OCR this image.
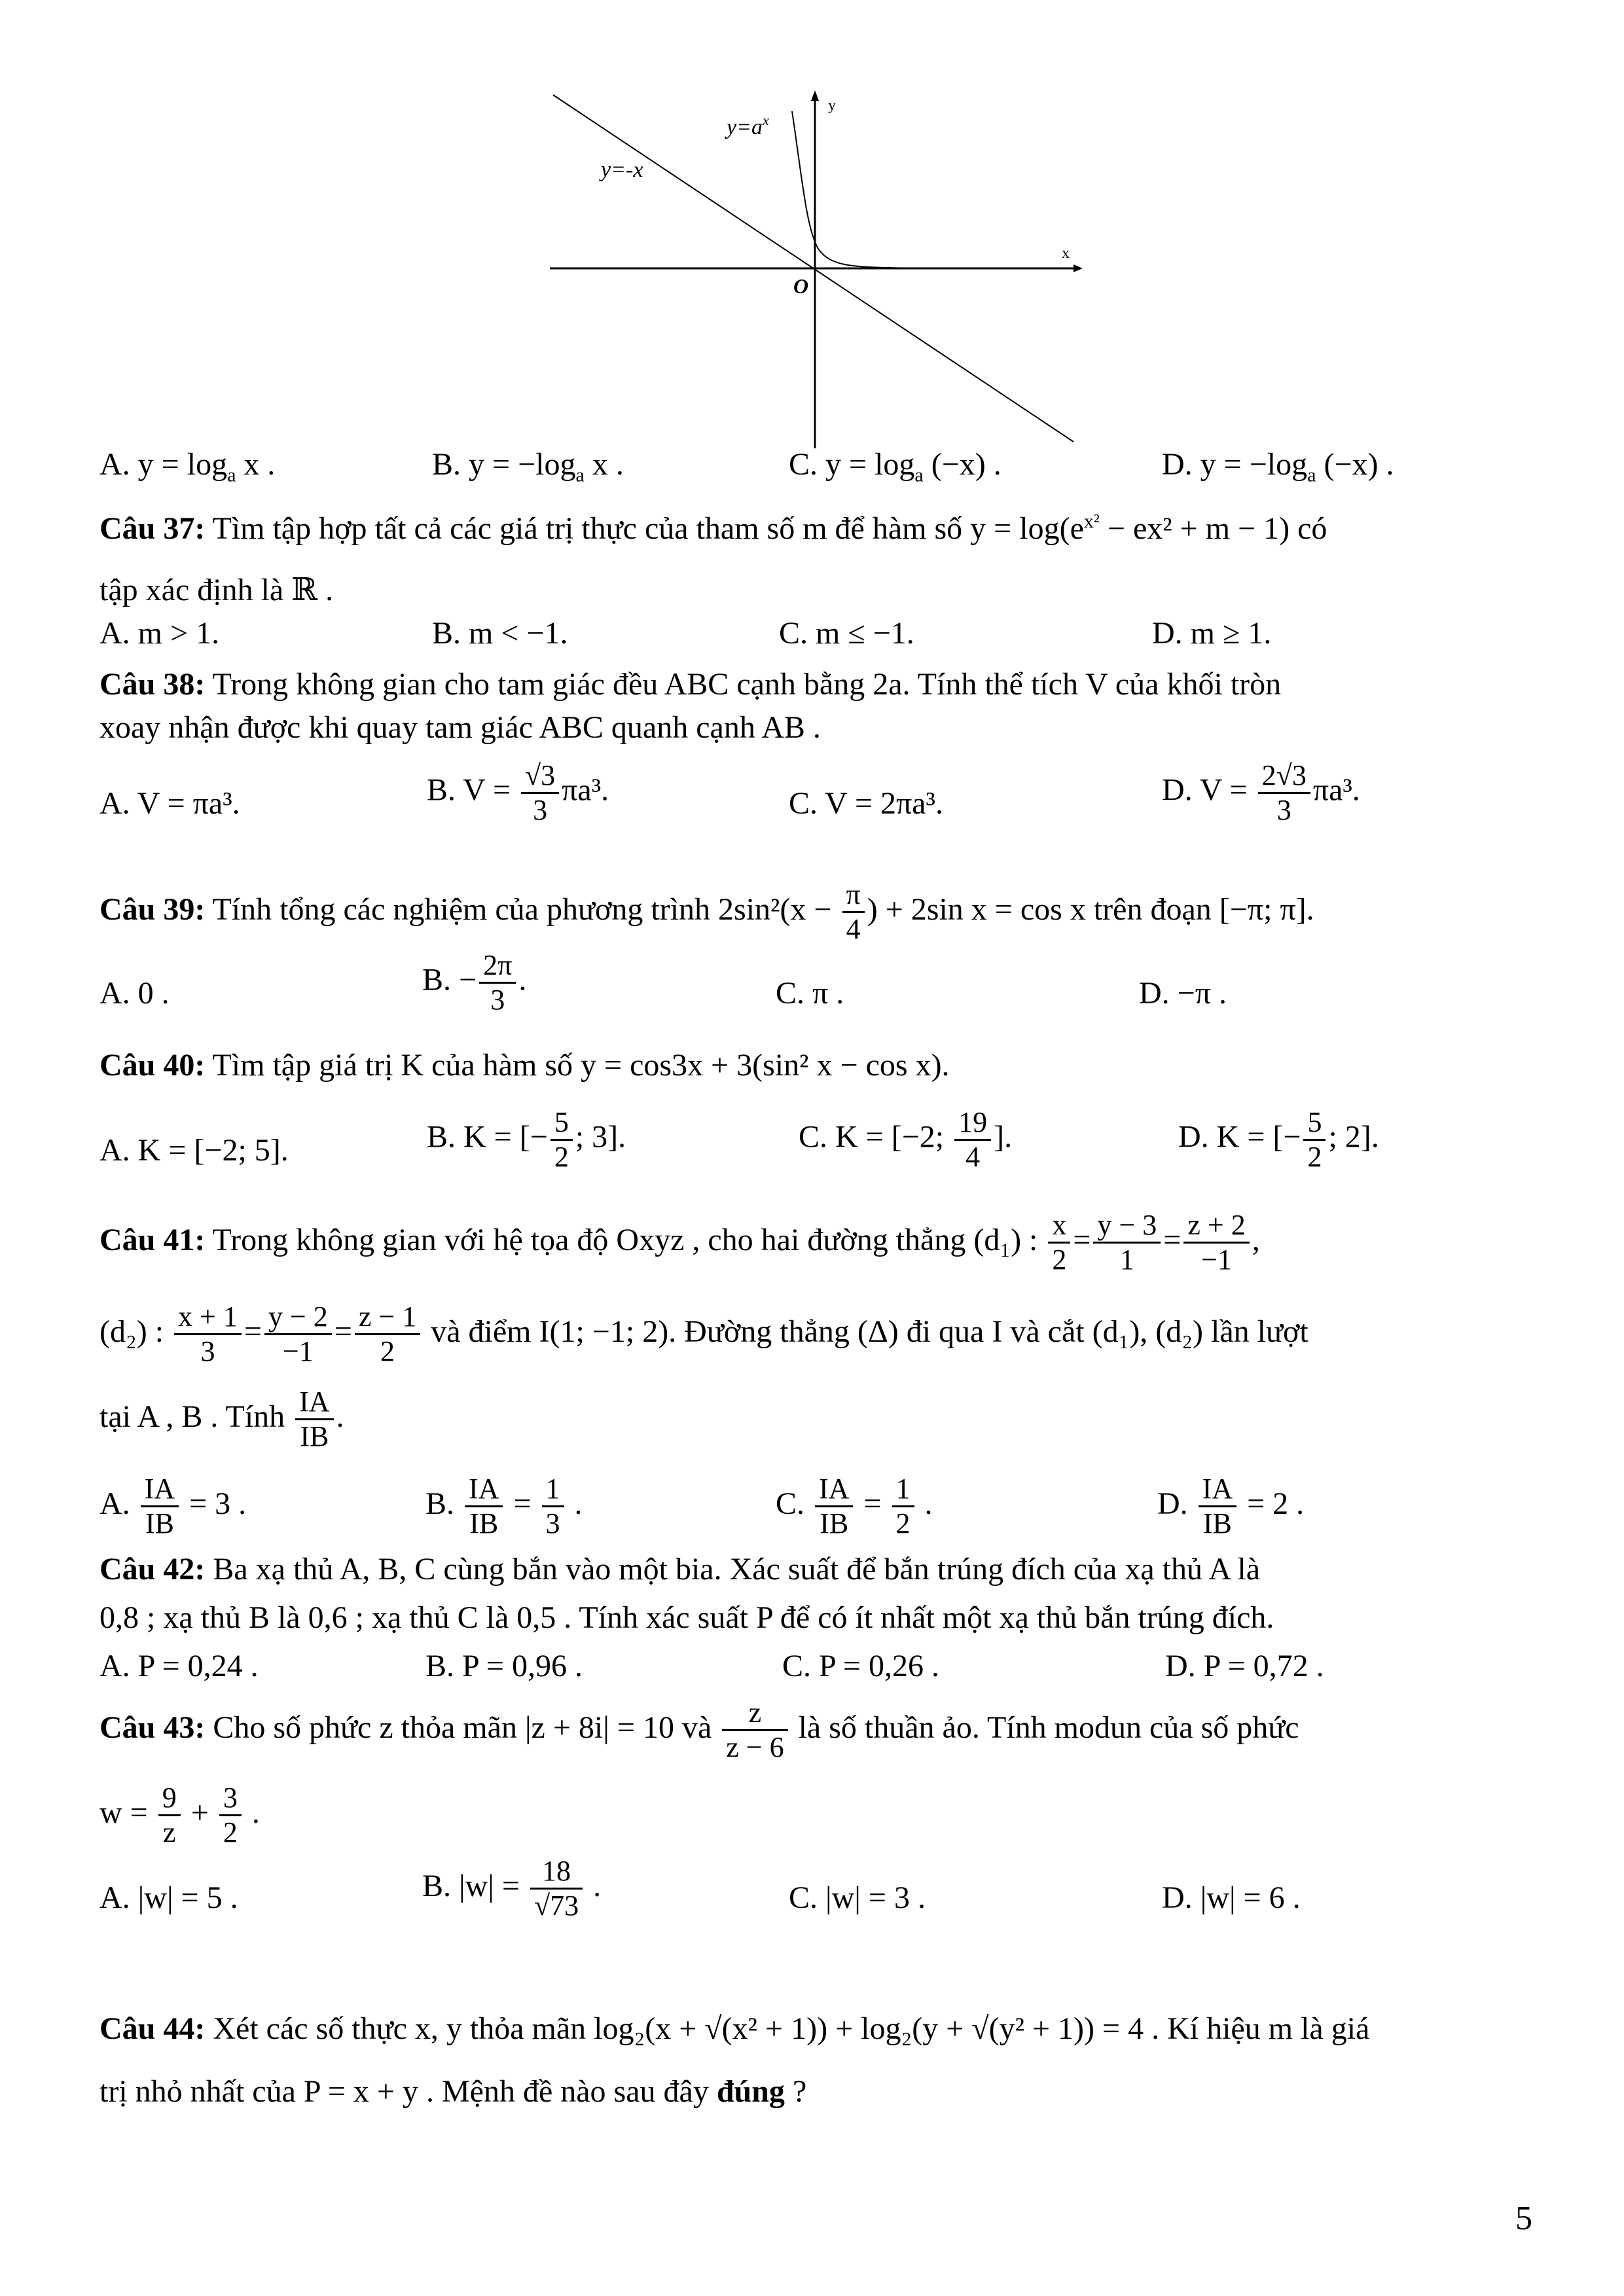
$y=a^x$
y=-x
y
x
O
A. $y = \log_a x$ .	B. $y = -\log_a$ x .	C. $y = \log_a (-x)$ .	D. $y = -\log_a$ (−x) .
Câu 37: Tìm tập hợp tất cả các giá trị thực của tham số m để hàm số $y = \log(e^{x^2} - ex^2 + m - 1)$ có
tập xác định là ℝ .
A. m > 1.	B. m < −1.	C. m ≤ −1.	D. m ≥ 1.
Câu 38: Trong không gian cho tam giác đều ABC cạnh bằng 2a. Tính thể tích V của khối tròn
xoay nhận được khi quay tam giác ABC quanh cạnh AB .
A. V = πa³.	B. $V = \frac{√3}{3} \pi a^3$.	C. V = 2πa³.	D. $V = \frac{2√3}{3} \pi a^3$.
Câu 39: Tính tổng các nghiệm của phương trình $2\sin^2(x - \frac{\pi}{4}$ ) + 2sin x = cos x trên đoạn [−π; π].
A. 0 .	B. − $\frac{2\pi}{3}$ .	C. π .	D. −π .
Câu 40: Tìm tập giá trị K của hàm số y = cos3x + 3(sin² x − cos x).
A. K = [−2; 5].	B. K = [− $\frac{5}{2}$ ; 3].	C. K = [−2; $\frac{19}{4}$ ].	D. K = [− $\frac{5}{2}$ ; 2].
Câu 41: Trong không gian với hệ tọa độ Oxyz , cho hai đường thẳng (d₁) : $\frac{x}{2} = \frac{y - 3}{1} = \frac{z + 2}{-1}$ ,
(d₂) : $\frac{x + 1}{3} = \frac{y - 2}{-1} = \frac{z - 1}{2}$ và điểm I(1; −1; 2). Đường thẳng (Δ) đi qua I và cắt (d₁), (d₂) lần lượt
tại A , B . Tính $\frac{IA}{IB}$ .
A. $\frac{IA}{IB} = 3$ .	B. $\frac{IA}{IB} = \frac{1}{3}$ .	C. $\frac{IA}{IB} = \frac{1}{2}$ .	D. $\frac{IA}{IB} = 2$ .
Câu 42: Ba xạ thủ A, B, C cùng bắn vào một bia. Xác suất để bắn trúng đích của xạ thủ A là
0,8 ; xạ thủ B là 0,6 ; xạ thủ C là 0,5 . Tính xác suất P để có ít nhất một xạ thủ bắn trúng đích.
A. P = 0,24 .	B. P = 0,96 .	C. P = 0,26 .	D. P = 0,72 .
Câu 43: Cho số phức z thỏa mãn |z + 8i| = 10 và $\frac{z}{z - 6}$ là số thuần ảo. Tính modun của số phức
$w = \frac{9}{z} + \frac{3}{2}$ .
A. |w| = 5 .	B. $|w| = \frac{18}{√73}$ .	C. |w| = 3 .	D. |w| = 6 .
Câu 44: Xét các số thực x, y thỏa mãn log₂(x + √(x² + 1)) + log₂(y + √(y² + 1)) = 4 . Kí hiệu m là giá
trị nhỏ nhất của P = x + y . Mệnh đề nào sau đây đúng ?
5
